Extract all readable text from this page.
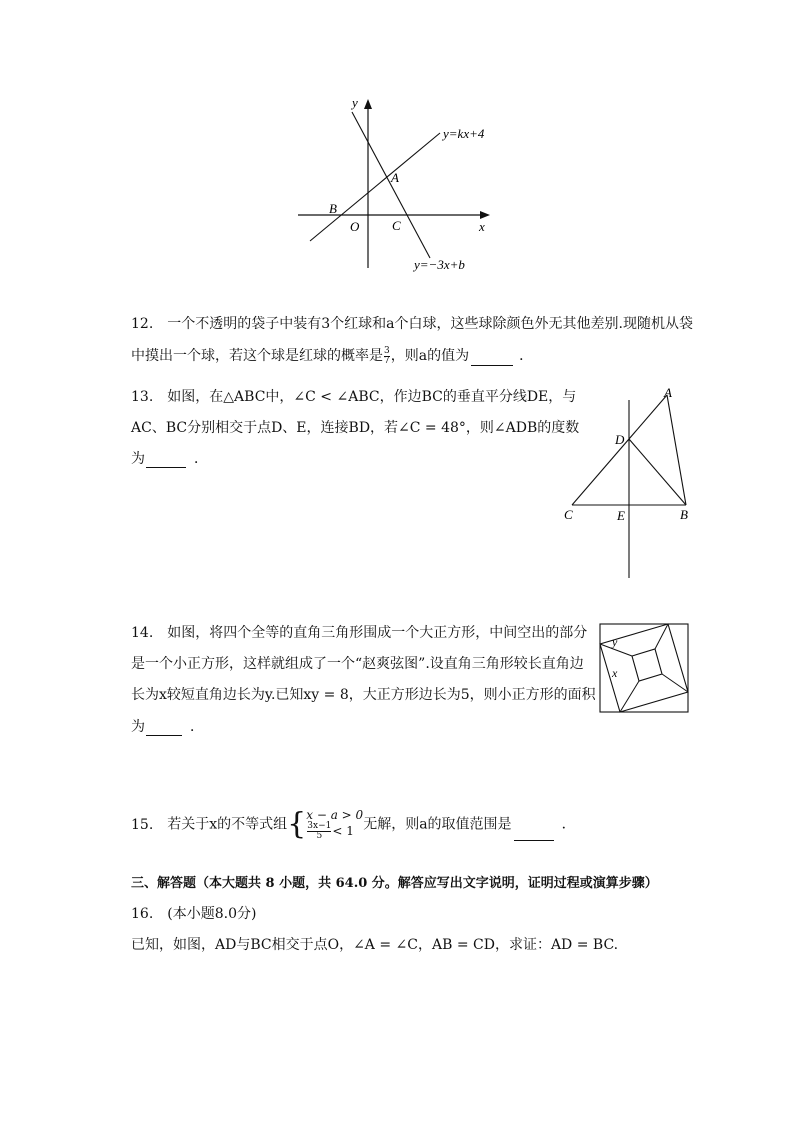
y
x
O
A
B
C
y=kx+4
y=−3x+b
12. 一个不透明的袋子中装有3个红球和a个白球，这些球除颜色外无其他差别.现随机从袋
中摸出一个球，若这个球是红球的概率是$\frac{3}{7}$ ，则a的值为	．
13. 如图，在△ABC中，∠C < ∠ABC，作边BC的垂直平分线DE，与
AC、BC分别相交于点D、E，连接BD，若∠C = 48°，则∠ADB的度数
为	．
A
B
C
D
E
14. 如图，将四个全等的直角三角形围成一个大正方形，中间空出的部分
是一个小正方形，这样就组成了一个“赵爽弦图”.设直角三角形较长直角边
长为x较短直角边长为y.已知xy = 8，大正方形边长为5，则小正方形的面积
为	．
y
x
15. 若关于x的不等式组{ x − a > 0
$\frac{3x-1}{5} < 1$ 无解，则a的取值范围是	．
三、解答题（本大题共 8 小题，共 64.0 分。解答应写出文字说明，证明过程或演算步骤）
16. (本小题8.0分)
已知，如图，AD与BC相交于点O，∠A = ∠C，AB = CD，求证：AD = BC.
